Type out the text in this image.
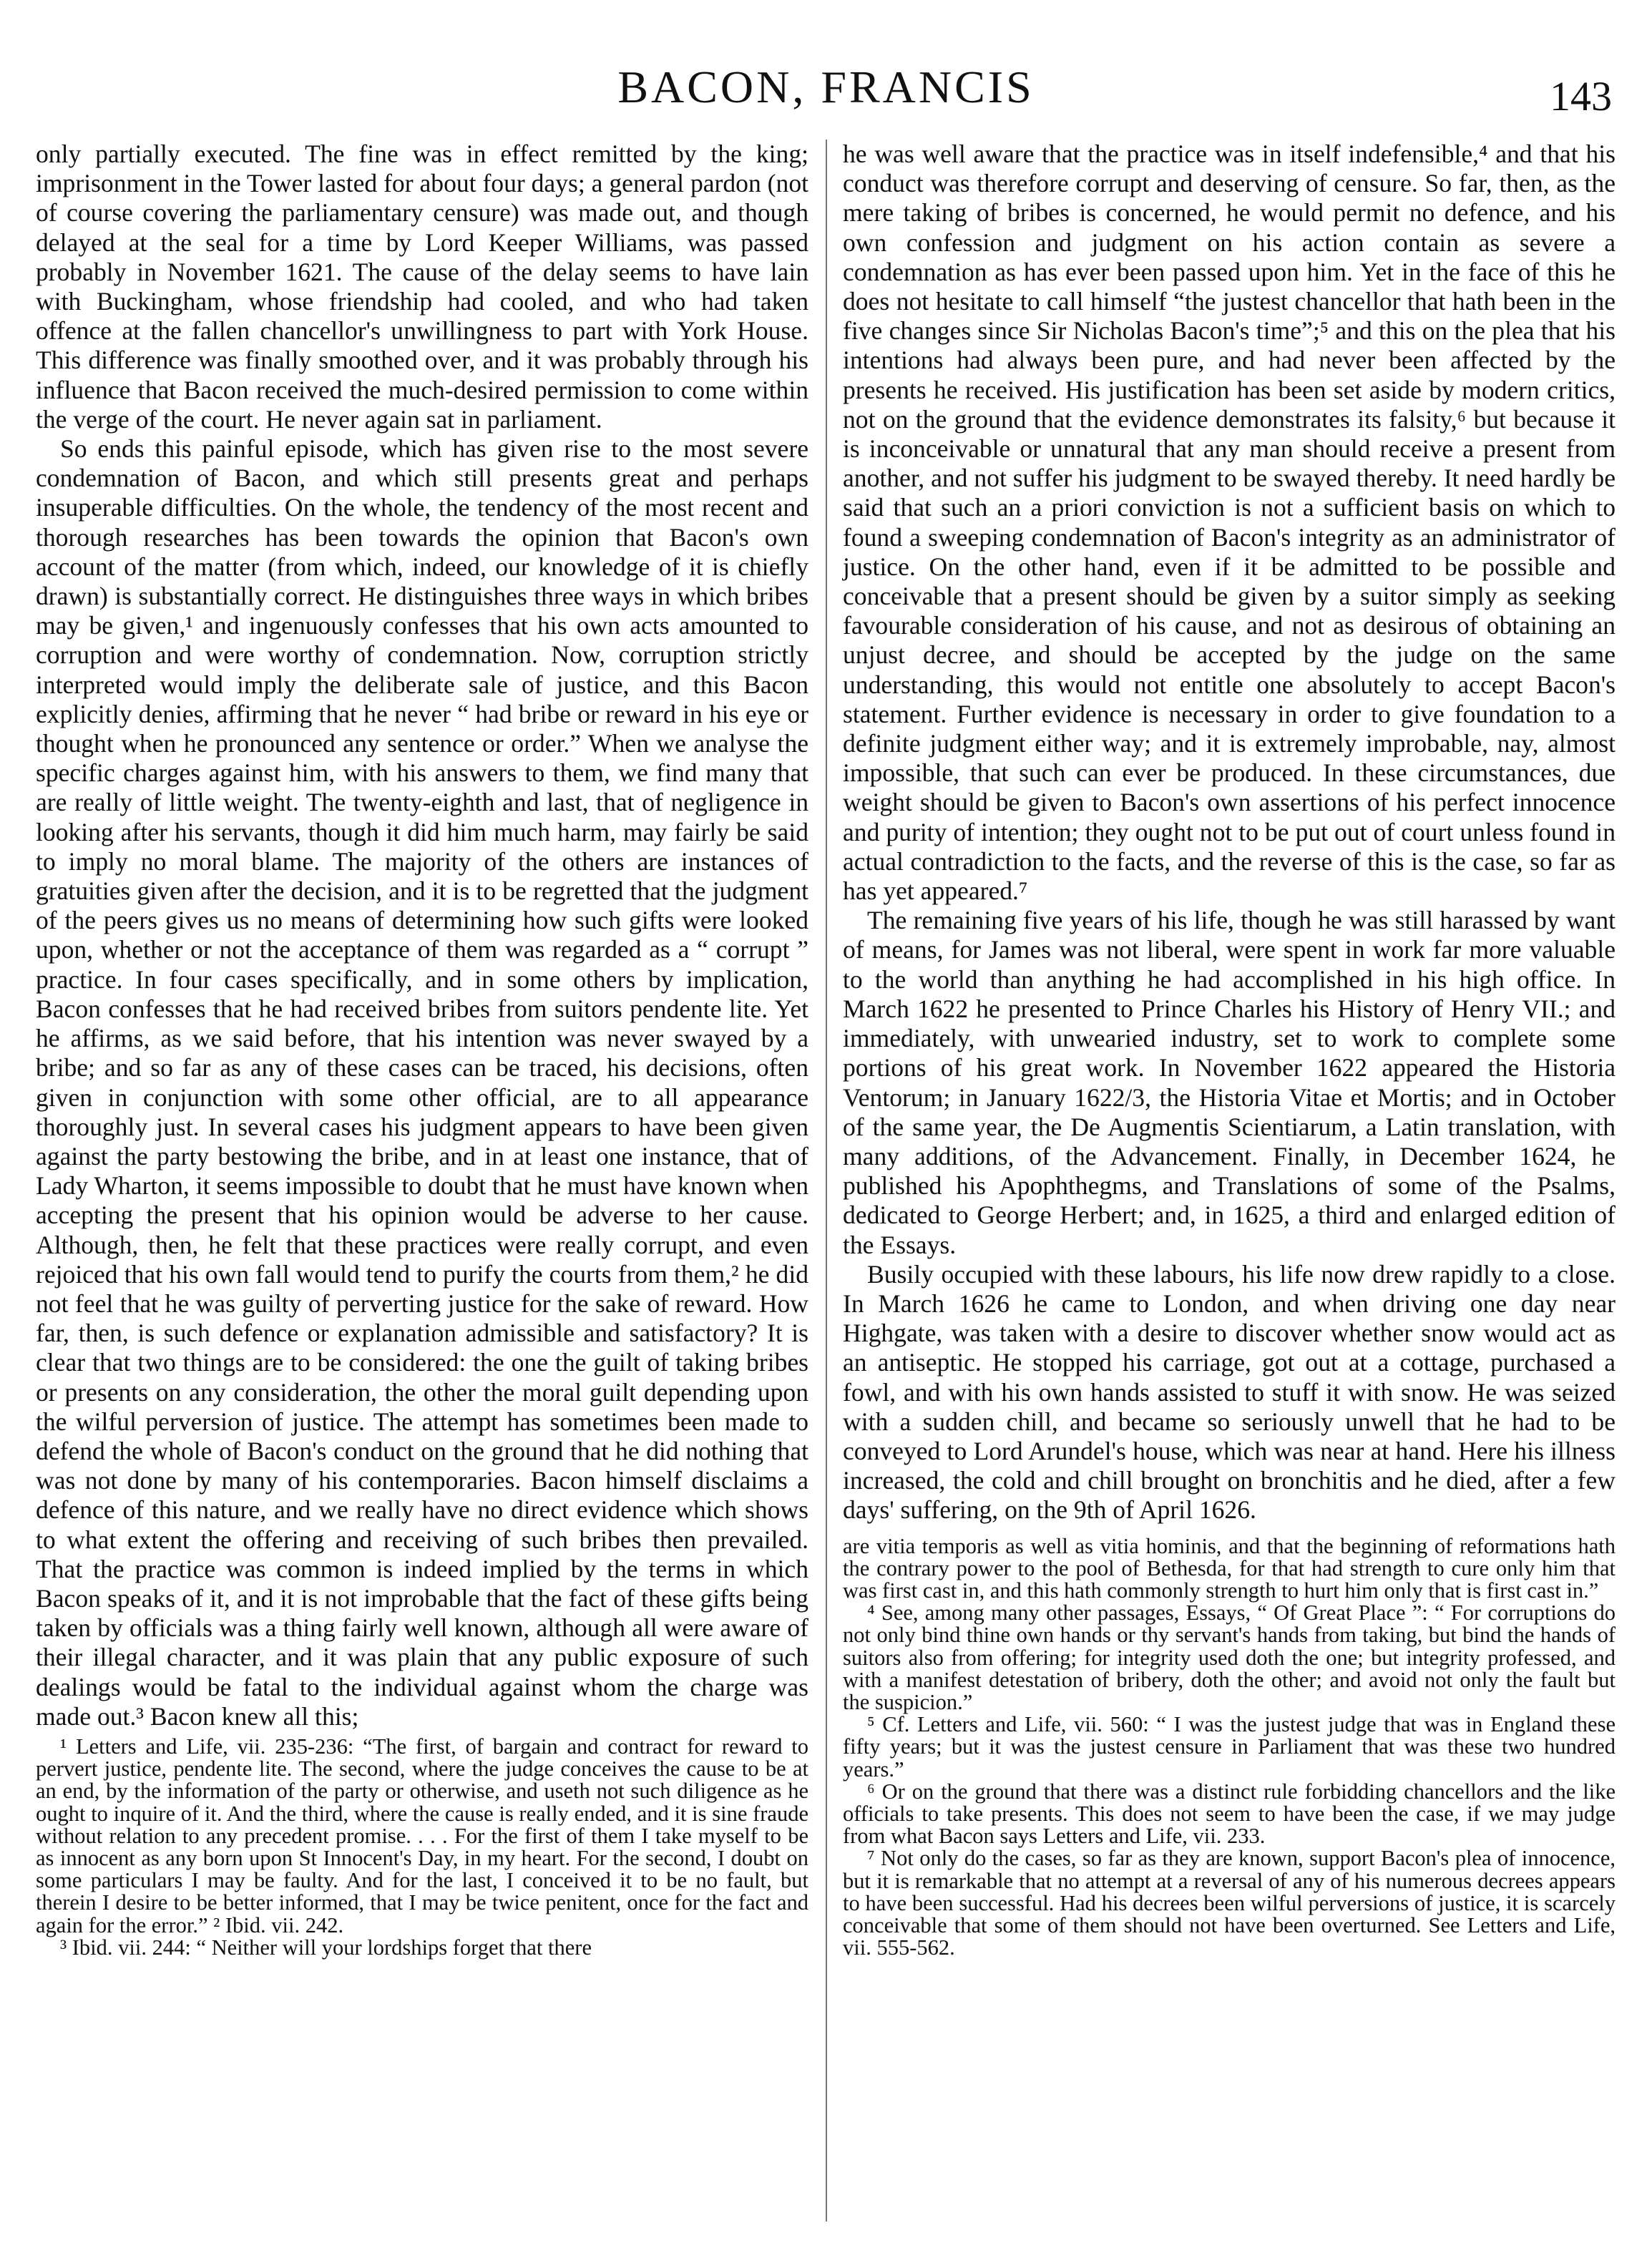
BACON, FRANCIS	143

only partially executed. The fine was in effect remitted by the king; imprisonment in the Tower lasted for about four days; a general pardon (not of course covering the parliamentary censure) was made out, and though delayed at the seal for a time by Lord Keeper Williams, was passed probably in November 1621. The cause of the delay seems to have lain with Buckingham, whose friendship had cooled, and who had taken offence at the fallen chancellor's unwillingness to part with York House. This difference was finally smoothed over, and it was probably through his influence that Bacon received the much-desired permission to come within the verge of the court. He never again sat in parliament.

So ends this painful episode, which has given rise to the most severe condemnation of Bacon, and which still presents great and perhaps insuperable difficulties. On the whole, the tendency of the most recent and thorough researches has been towards the opinion that Bacon's own account of the matter (from which, indeed, our knowledge of it is chiefly drawn) is substantially correct. He distinguishes three ways in which bribes may be given,¹ and ingenuously confesses that his own acts amounted to corruption and were worthy of condemnation. Now, corruption strictly interpreted would imply the deliberate sale of justice, and this Bacon explicitly denies, affirming that he never “ had bribe or reward in his eye or thought when he pronounced any sentence or order.” When we analyse the specific charges against him, with his answers to them, we find many that are really of little weight. The twenty-eighth and last, that of negligence in looking after his servants, though it did him much harm, may fairly be said to imply no moral blame. The majority of the others are instances of gratuities given after the decision, and it is to be regretted that the judgment of the peers gives us no means of determining how such gifts were looked upon, whether or not the acceptance of them was regarded as a “ corrupt ” practice. In four cases specifically, and in some others by implication, Bacon confesses that he had received bribes from suitors pendente lite. Yet he affirms, as we said before, that his intention was never swayed by a bribe; and so far as any of these cases can be traced, his decisions, often given in conjunction with some other official, are to all appearance thoroughly just. In several cases his judgment appears to have been given against the party bestowing the bribe, and in at least one instance, that of Lady Wharton, it seems impossible to doubt that he must have known when accepting the present that his opinion would be adverse to her cause. Although, then, he felt that these practices were really corrupt, and even rejoiced that his own fall would tend to purify the courts from them,² he did not feel that he was guilty of perverting justice for the sake of reward. How far, then, is such defence or explanation admissible and satisfactory? It is clear that two things are to be considered: the one the guilt of taking bribes or presents on any consideration, the other the moral guilt depending upon the wilful perversion of justice. The attempt has sometimes been made to defend the whole of Bacon's conduct on the ground that he did nothing that was not done by many of his contemporaries. Bacon himself disclaims a defence of this nature, and we really have no direct evidence which shows to what extent the offering and receiving of such bribes then prevailed. That the practice was common is indeed implied by the terms in which Bacon speaks of it, and it is not improbable that the fact of these gifts being taken by officials was a thing fairly well known, although all were aware of their illegal character, and it was plain that any public exposure of such dealings would be fatal to the individual against whom the charge was made out.³ Bacon knew all this;

¹ Letters and Life, vii. 235-236: “The first, of bargain and contract for reward to pervert justice, pendente lite. The second, where the judge conceives the cause to be at an end, by the information of the party or otherwise, and useth not such diligence as he ought to inquire of it. And the third, where the cause is really ended, and it is sine fraude without relation to any precedent promise. . . . For the first of them I take myself to be as innocent as any born upon St Innocent's Day, in my heart. For the second, I doubt on some particulars I may be faulty. And for the last, I conceived it to be no fault, but therein I desire to be better informed, that I may be twice penitent, once for the fact and again for the error.” ² Ibid. vii. 242.

³ Ibid. vii. 244: “ Neither will your lordships forget that there

he was well aware that the practice was in itself indefensible,⁴ and that his conduct was therefore corrupt and deserving of censure. So far, then, as the mere taking of bribes is concerned, he would permit no defence, and his own confession and judgment on his action contain as severe a condemnation as has ever been passed upon him. Yet in the face of this he does not hesitate to call himself “the justest chancellor that hath been in the five changes since Sir Nicholas Bacon's time”;⁵ and this on the plea that his intentions had always been pure, and had never been affected by the presents he received. His justification has been set aside by modern critics, not on the ground that the evidence demonstrates its falsity,⁶ but because it is inconceivable or unnatural that any man should receive a present from another, and not suffer his judgment to be swayed thereby. It need hardly be said that such an a priori conviction is not a sufficient basis on which to found a sweeping condemnation of Bacon's integrity as an administrator of justice. On the other hand, even if it be admitted to be possible and conceivable that a present should be given by a suitor simply as seeking favourable consideration of his cause, and not as desirous of obtaining an unjust decree, and should be accepted by the judge on the same understanding, this would not entitle one absolutely to accept Bacon's statement. Further evidence is necessary in order to give foundation to a definite judgment either way; and it is extremely improbable, nay, almost impossible, that such can ever be produced. In these circumstances, due weight should be given to Bacon's own assertions of his perfect innocence and purity of intention; they ought not to be put out of court unless found in actual contradiction to the facts, and the reverse of this is the case, so far as has yet appeared.⁷

The remaining five years of his life, though he was still harassed by want of means, for James was not liberal, were spent in work far more valuable to the world than anything he had accomplished in his high office. In March 1622 he presented to Prince Charles his History of Henry VII.; and immediately, with unwearied industry, set to work to complete some portions of his great work. In November 1622 appeared the Historia Ventorum; in January 1622/3, the Historia Vitae et Mortis; and in October of the same year, the De Augmentis Scientiarum, a Latin translation, with many additions, of the Advancement. Finally, in December 1624, he published his Apophthegms, and Translations of some of the Psalms, dedicated to George Herbert; and, in 1625, a third and enlarged edition of the Essays.

Busily occupied with these labours, his life now drew rapidly to a close. In March 1626 he came to London, and when driving one day near Highgate, was taken with a desire to discover whether snow would act as an antiseptic. He stopped his carriage, got out at a cottage, purchased a fowl, and with his own hands assisted to stuff it with snow. He was seized with a sudden chill, and became so seriously unwell that he had to be conveyed to Lord Arundel's house, which was near at hand. Here his illness increased, the cold and chill brought on bronchitis and he died, after a few days' suffering, on the 9th of April 1626.

are vitia temporis as well as vitia hominis, and that the beginning of reformations hath the contrary power to the pool of Bethesda, for that had strength to cure only him that was first cast in, and this hath commonly strength to hurt him only that is first cast in.”

⁴ See, among many other passages, Essays, “ Of Great Place ”: “ For corruptions do not only bind thine own hands or thy servant's hands from taking, but bind the hands of suitors also from offering; for integrity used doth the one; but integrity professed, and with a manifest detestation of bribery, doth the other; and avoid not only the fault but the suspicion.”

⁵ Cf. Letters and Life, vii. 560: “ I was the justest judge that was in England these fifty years; but it was the justest censure in Parliament that was these two hundred years.”

⁶ Or on the ground that there was a distinct rule forbidding chancellors and the like officials to take presents. This does not seem to have been the case, if we may judge from what Bacon says Letters and Life, vii. 233.

⁷ Not only do the cases, so far as they are known, support Bacon's plea of innocence, but it is remarkable that no attempt at a reversal of any of his numerous decrees appears to have been successful. Had his decrees been wilful perversions of justice, it is scarcely conceivable that some of them should not have been overturned. See Letters and Life, vii. 555-562.
